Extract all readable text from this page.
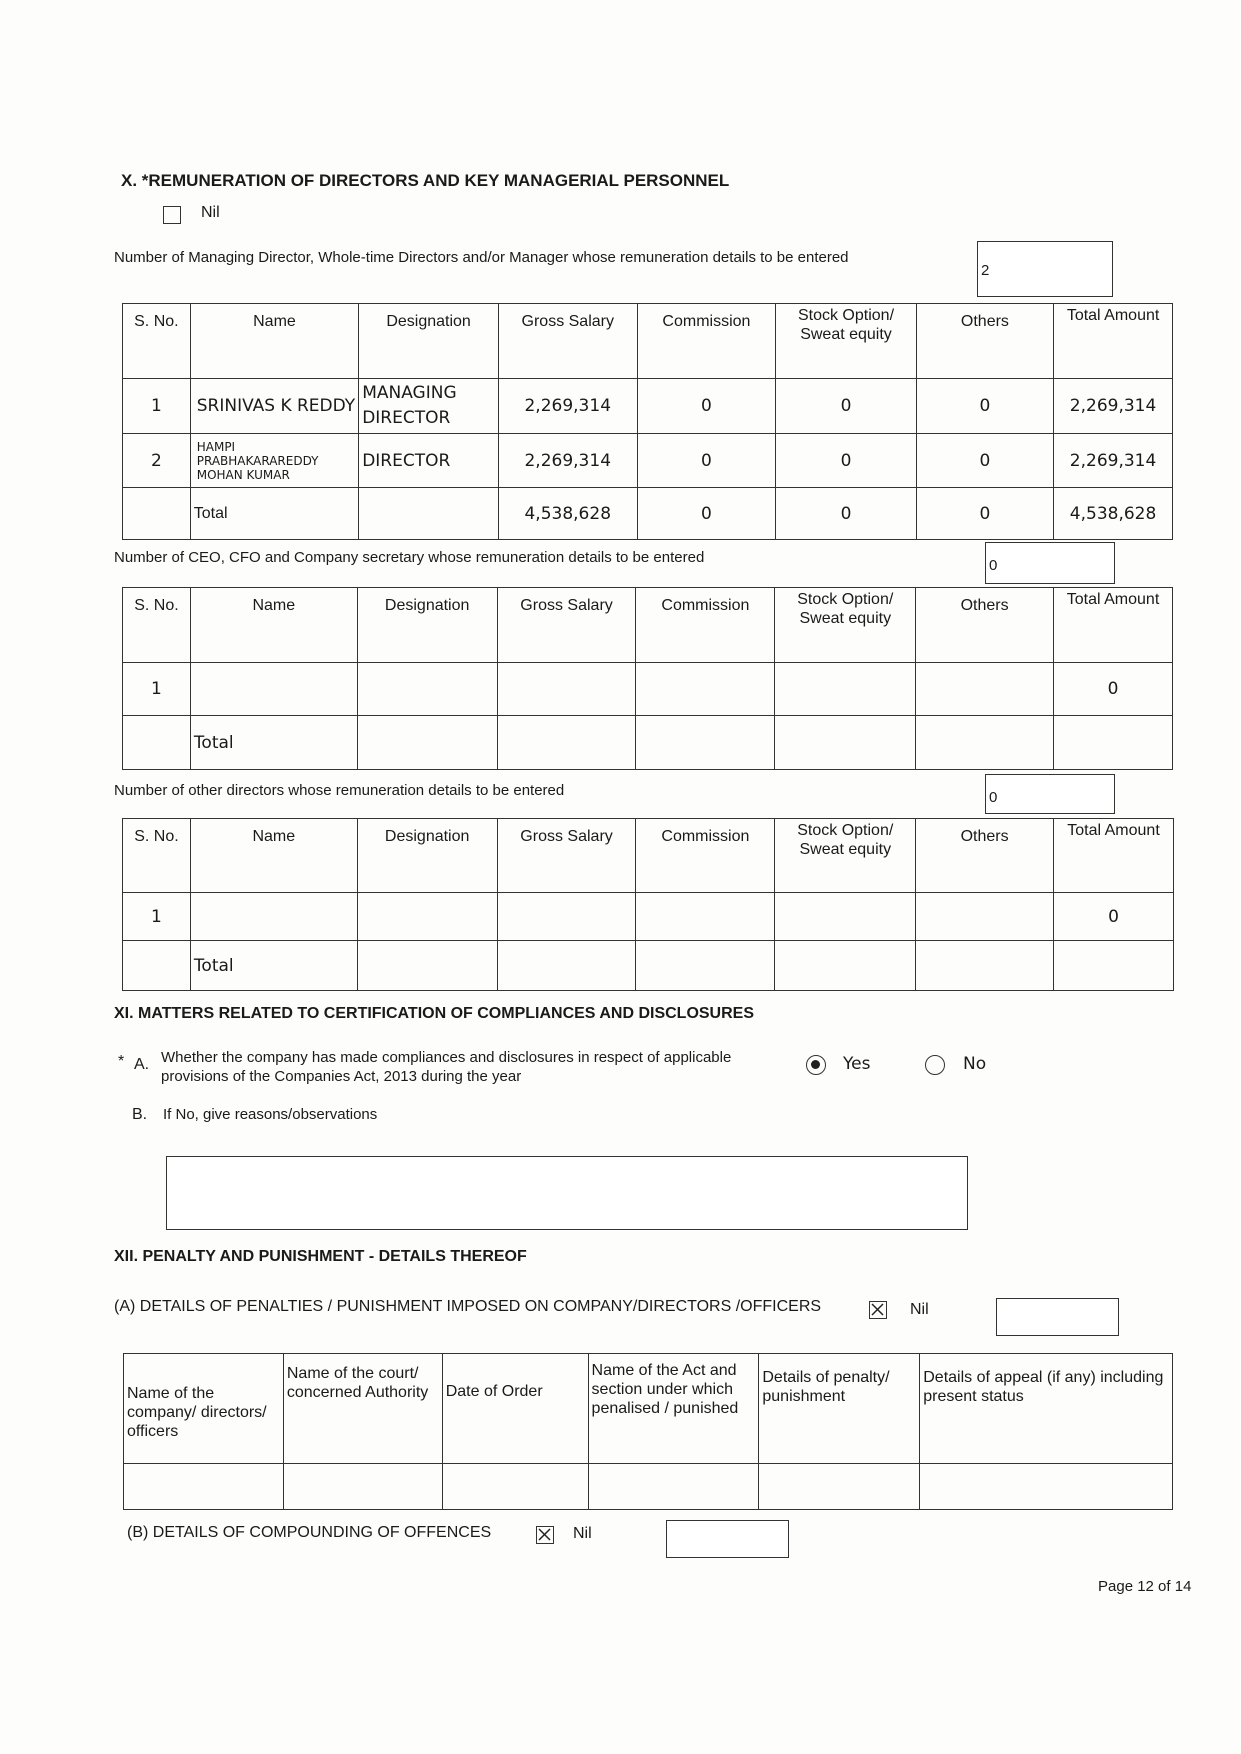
X. *REMUNERATION OF DIRECTORS AND KEY MANAGERIAL PERSONNEL
Nil
Number of Managing Director, Whole-time Directors and/or Manager whose remuneration details to be entered
2
S. No.	Name	Designation	Gross Salary	Commission	Stock Option/ Sweat equity	Others	Total Amount
1	SRINIVAS K REDDY	MANAGING DIRECTOR	2,269,314	0	0	0	2,269,314
2	HAMPI PRABHAKARAREDDY MOHAN KUMAR	DIRECTOR	2,269,314	0	0	0	2,269,314
	Total		4,538,628	0	0	0	4,538,628
Number of CEO, CFO and Company secretary whose remuneration details to be entered	0
S. No.	Name	Designation	Gross Salary	Commission	Stock Option/ Sweat equity	Others	Total Amount
1							0
	Total						
Number of other directors whose remuneration details to be entered	0
S. No.	Name	Designation	Gross Salary	Commission	Stock Option/ Sweat equity	Others	Total Amount
1							0
	Total						
XI. MATTERS RELATED TO CERTIFICATION OF COMPLIANCES AND DISCLOSURES
* A. Whether the company has made compliances and disclosures in respect of applicable
provisions of the Companies Act, 2013 during the year
Yes	No
B. If No, give reasons/observations
XII. PENALTY AND PUNISHMENT - DETAILS THEREOF
(A) DETAILS OF PENALTIES / PUNISHMENT IMPOSED ON COMPANY/DIRECTORS /OFFICERS	Nil
Name of the company/ directors/ officers	Name of the court/ concerned Authority	Date of Order	Name of the Act and section under which penalised / punished	Details of penalty/ punishment	Details of appeal (if any) including present status

(B) DETAILS OF COMPOUNDING OF OFFENCES	Nil
Page 12 of 14
